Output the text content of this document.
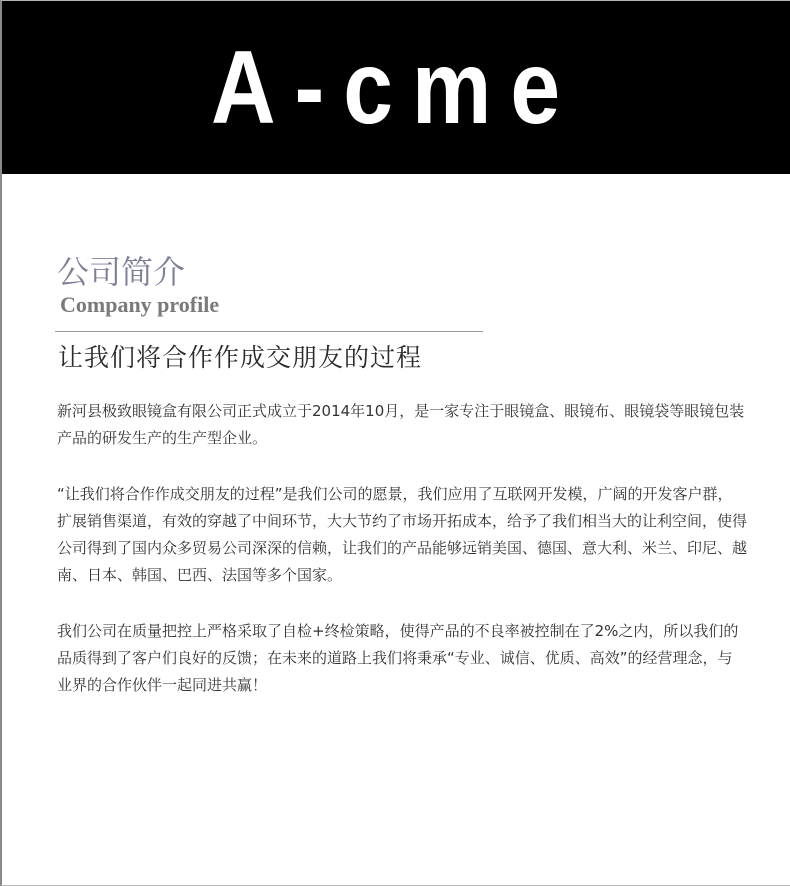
A-cme
公司简介
Company profile
让我们将合作作成交朋友的过程

新河县极致眼镜盒有限公司正式成立于2014年10月，是一家专注于眼镜盒、眼镜布、眼镜袋等眼镜包装产品的研发生产的生产型企业。

“让我们将合作作成交朋友的过程”是我们公司的愿景，我们应用了互联网开发模，广阔的开发客户群，扩展销售渠道，有效的穿越了中间环节，大大节约了市场开拓成本，给予了我们相当大的让利空间，使得公司得到了国内众多贸易公司深深的信赖，让我们的产品能够远销美国、德国、意大利、米兰、印尼、越南、日本、韩国、巴西、法国等多个国家。

我们公司在质量把控上严格采取了自检+终检策略，使得产品的不良率被控制在了2%之内，所以我们的品质得到了客户们良好的反馈；在未来的道路上我们将秉承“专业、诚信、优质、高效”的经营理念，与业界的合作伙伴一起同进共赢！
